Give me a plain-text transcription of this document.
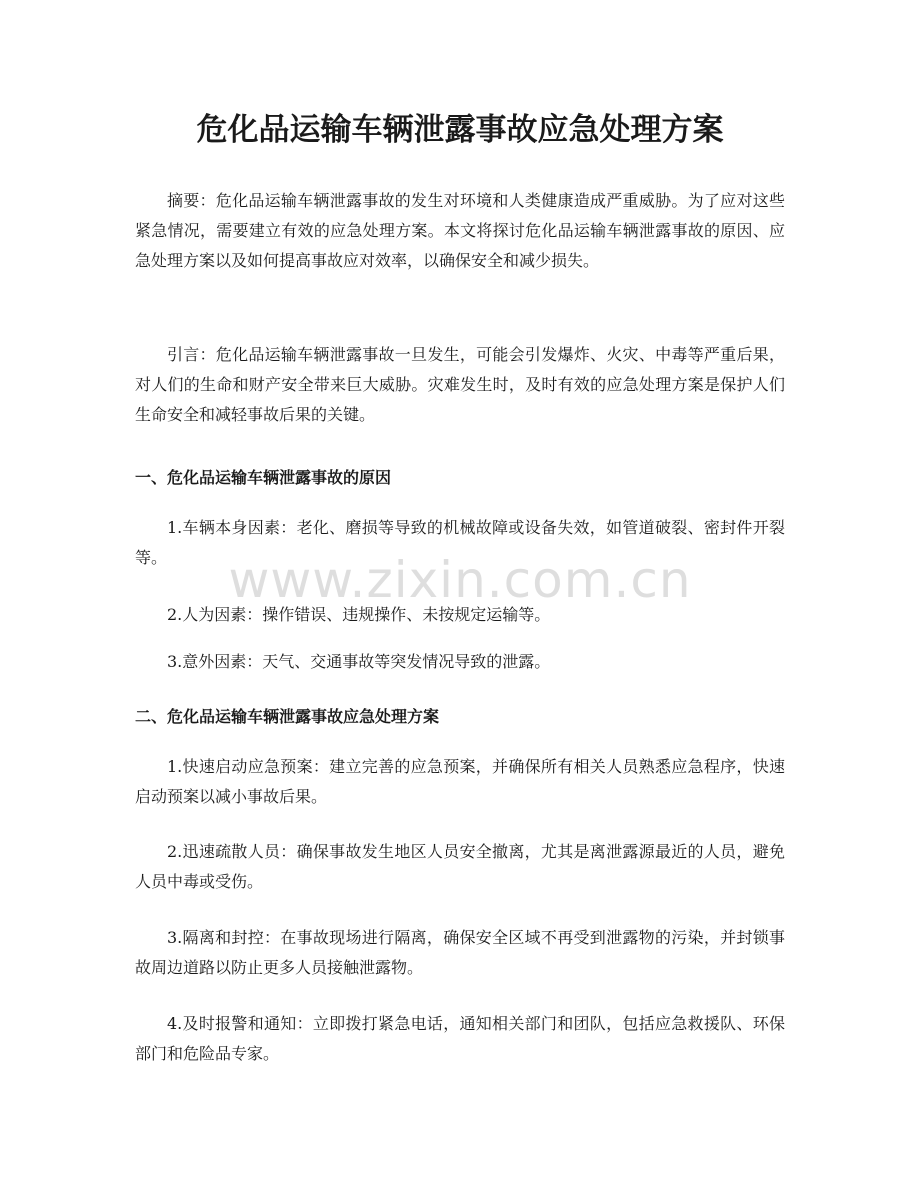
危化品运输车辆泄露事故应急处理方案

摘要：危化品运输车辆泄露事故的发生对环境和人类健康造成严重威胁。为了应对这些紧急情况，需要建立有效的应急处理方案。本文将探讨危化品运输车辆泄露事故的原因、应急处理方案以及如何提高事故应对效率，以确保安全和减少损失。

引言：危化品运输车辆泄露事故一旦发生，可能会引发爆炸、火灾、中毒等严重后果，对人们的生命和财产安全带来巨大威胁。灾难发生时，及时有效的应急处理方案是保护人们生命安全和减轻事故后果的关键。

一、危化品运输车辆泄露事故的原因

1.车辆本身因素：老化、磨损等导致的机械故障或设备失效，如管道破裂、密封件开裂等。

2.人为因素：操作错误、违规操作、未按规定运输等。

3.意外因素：天气、交通事故等突发情况导致的泄露。

二、危化品运输车辆泄露事故应急处理方案

1.快速启动应急预案：建立完善的应急预案，并确保所有相关人员熟悉应急程序，快速启动预案以减小事故后果。

2.迅速疏散人员：确保事故发生地区人员安全撤离，尤其是离泄露源最近的人员，避免人员中毒或受伤。

3.隔离和封控：在事故现场进行隔离，确保安全区域不再受到泄露物的污染，并封锁事故周边道路以防止更多人员接触泄露物。

4.及时报警和通知：立即拨打紧急电话，通知相关部门和团队，包括应急救援队、环保部门和危险品专家。

www.zixin.com.cn
